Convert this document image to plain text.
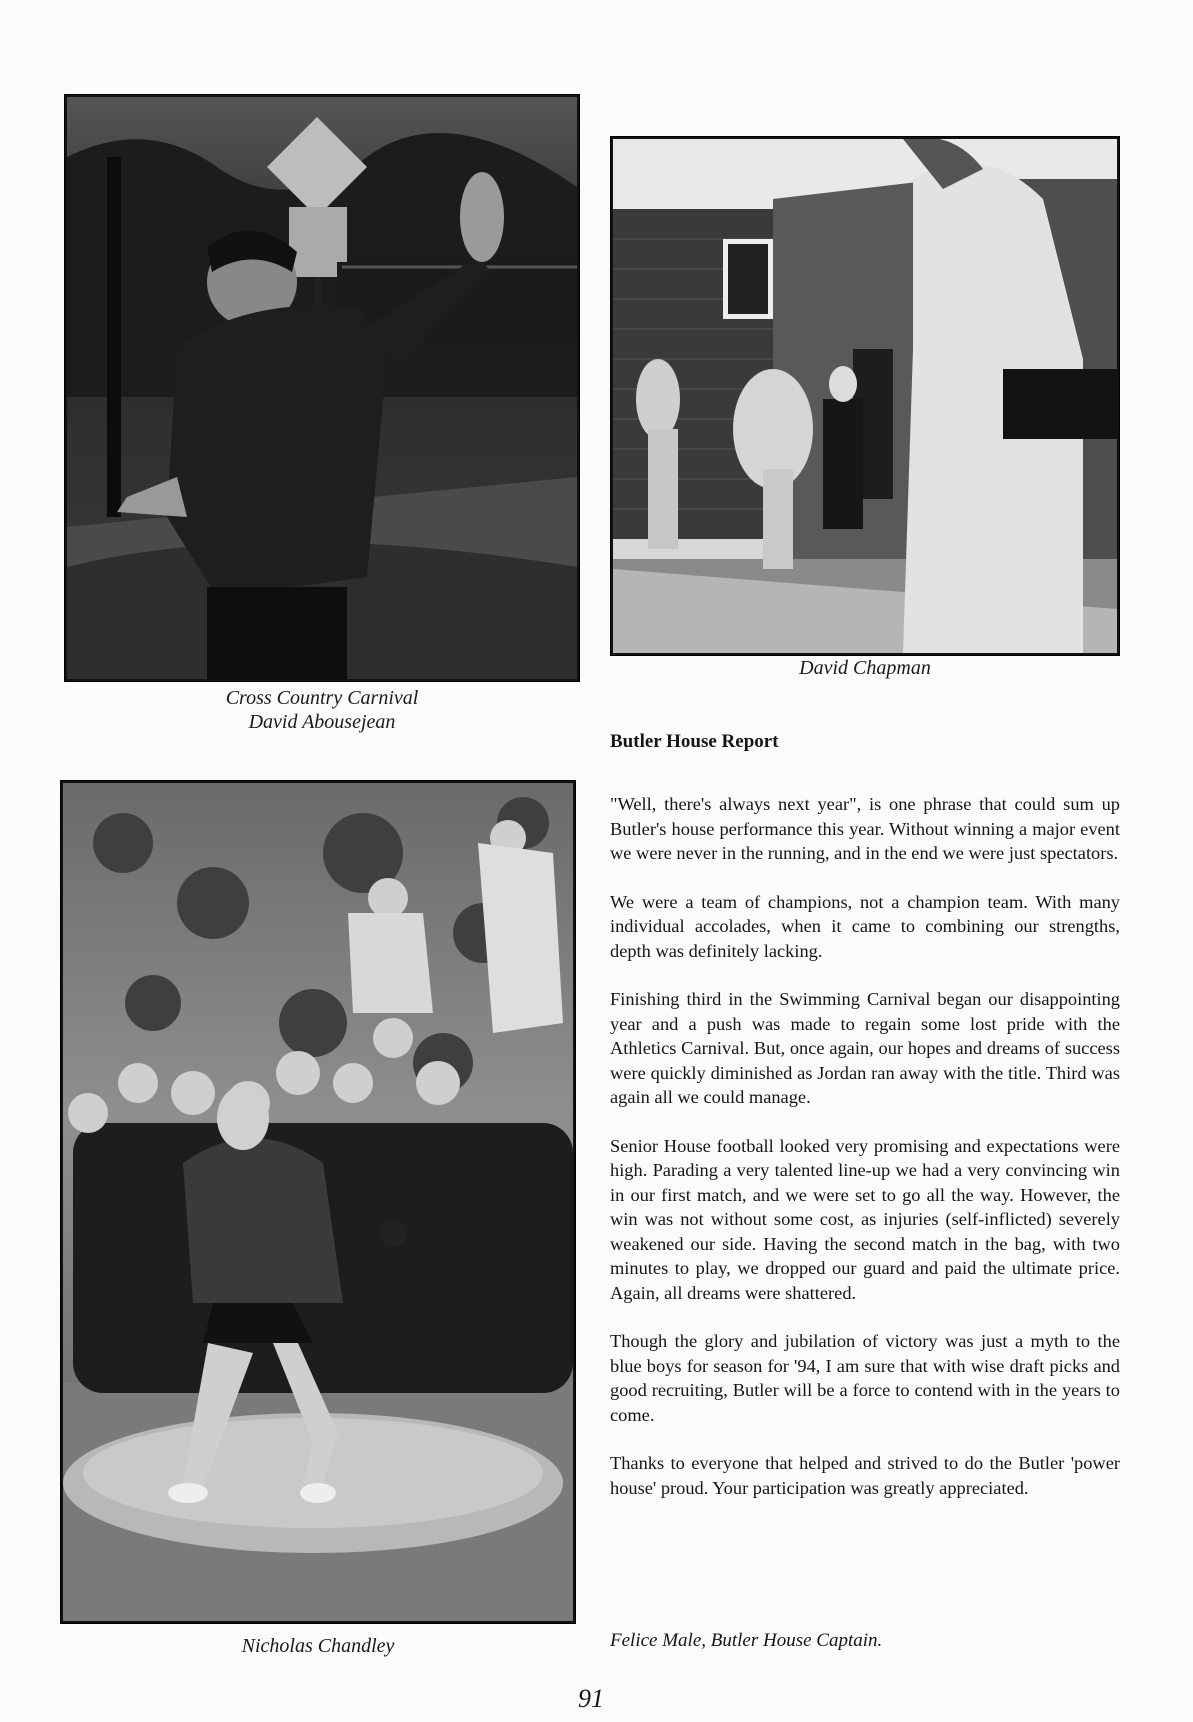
Cross Country Carnival
David Abousejean
David Chapman
Nicholas Chandley
Butler House Report

"Well, there's always next year", is one phrase that could sum up Butler's house performance this year. Without winning a major event we were never in the running, and in the end we were just spectators.

We were a team of champions, not a champion team. With many individual accolades, when it came to combining our strengths, depth was definitely lacking.

Finishing third in the Swimming Carnival began our disappointing year and a push was made to regain some lost pride with the Athletics Carnival. But, once again, our hopes and dreams of success were quickly diminished as Jordan ran away with the title. Third was again all we could manage.

Senior House football looked very promising and expectations were high. Parading a very talented line-up we had a very convincing win in our first match, and we were set to go all the way. However, the win was not without some cost, as injuries (self-inflicted) severely weakened our side. Having the second match in the bag, with two minutes to play, we dropped our guard and paid the ultimate price. Again, all dreams were shattered.

Though the glory and jubilation of victory was just a myth to the blue boys for season for '94, I am sure that with wise draft picks and good recruiting, Butler will be a force to contend with in the years to come.

Thanks to everyone that helped and strived to do the Butler 'power house' proud. Your participation was greatly appreciated.

Felice Male, Butler House Captain.
91
